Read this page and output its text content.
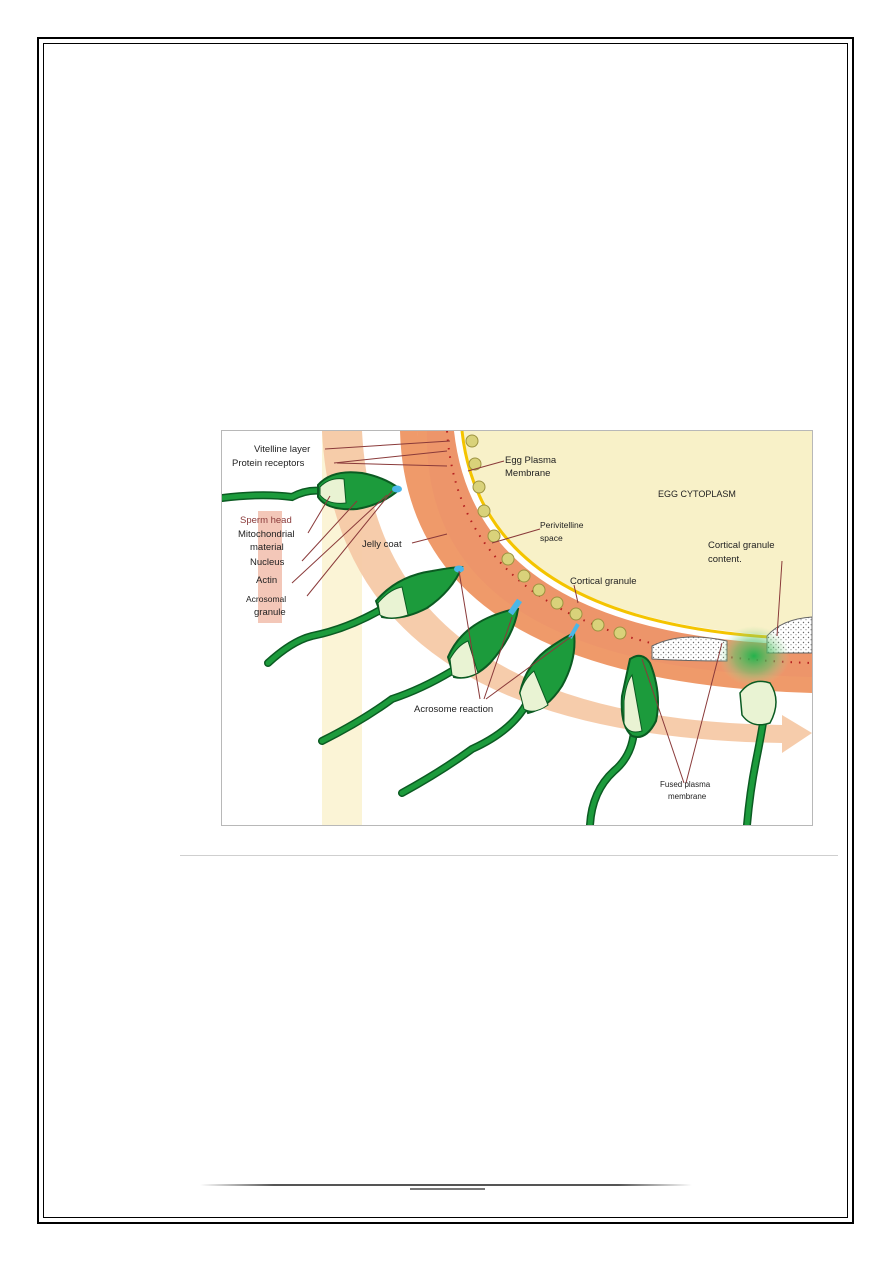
Vitelline layer
Protein receptors
Sperm head
Mitochondrial
material
Nucleus
Actin
Acrosomal
granule
Jelly coat
Egg Plasma
Membrane
EGG CYTOPLASM
Perivitelline
space
Cortical granule
Cortical granule
content.
Acrosome reaction
Fused plasma
membrane
